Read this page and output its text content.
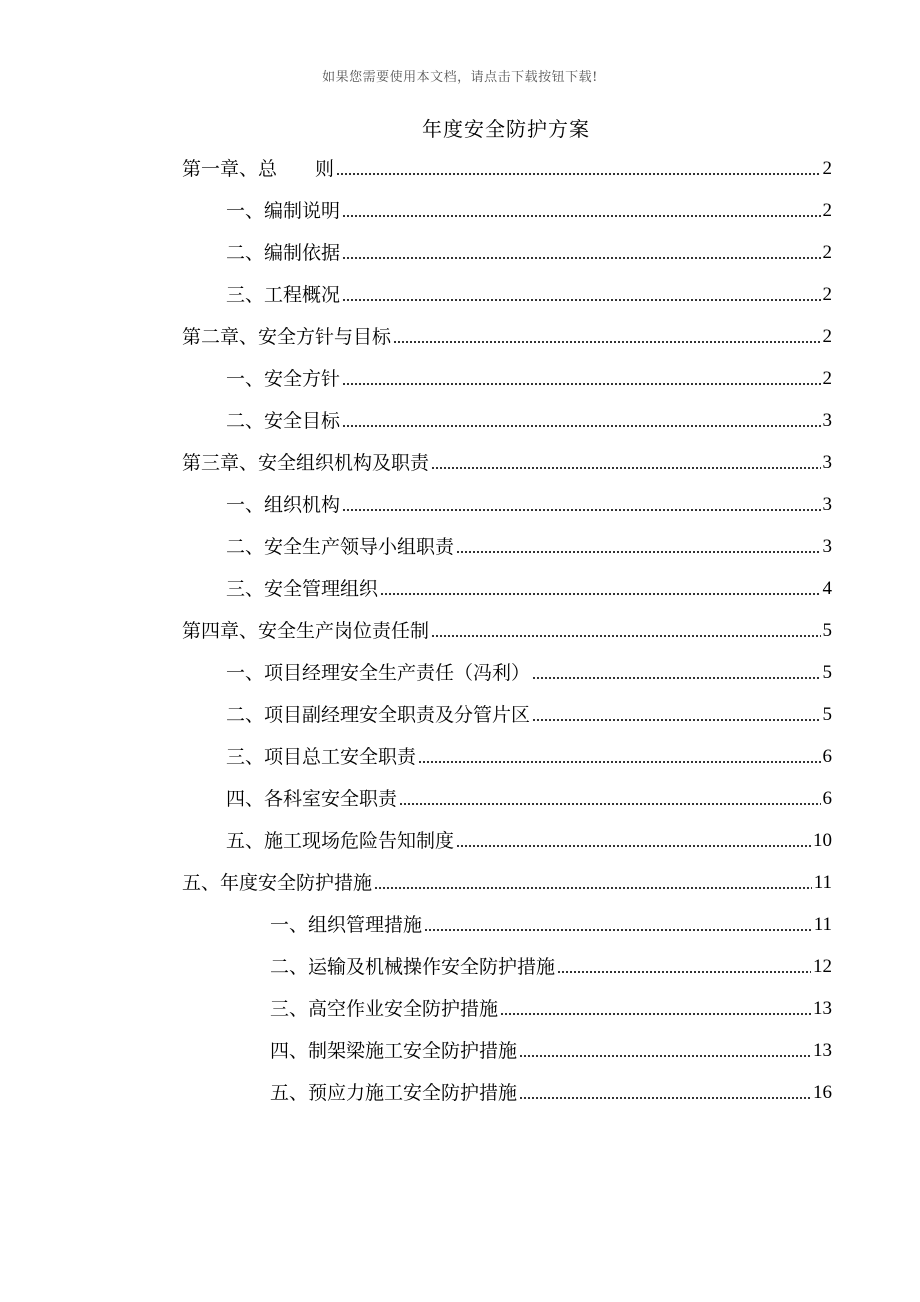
如果您需要使用本文档，请点击下载按钮下载!
年度安全防护方案
第一章、总　　则	2
一、编制说明	2
二、编制依据	2
三、工程概况	2
第二章、安全方针与目标	2
一、安全方针	2
二、安全目标	3
第三章、安全组织机构及职责	3
一、组织机构	3
二、安全生产领导小组职责	3
三、安全管理组织	4
第四章、安全生产岗位责任制	5
一、项目经理安全生产责任（冯利）	5
二、项目副经理安全职责及分管片区	5
三、项目总工安全职责	6
四、各科室安全职责	6
五、施工现场危险告知制度	10
五、年度安全防护措施	11
一、组织管理措施	11
二、运输及机械操作安全防护措施	12
三、高空作业安全防护措施	13
四、制架梁施工安全防护措施	13
五、预应力施工安全防护措施	16
